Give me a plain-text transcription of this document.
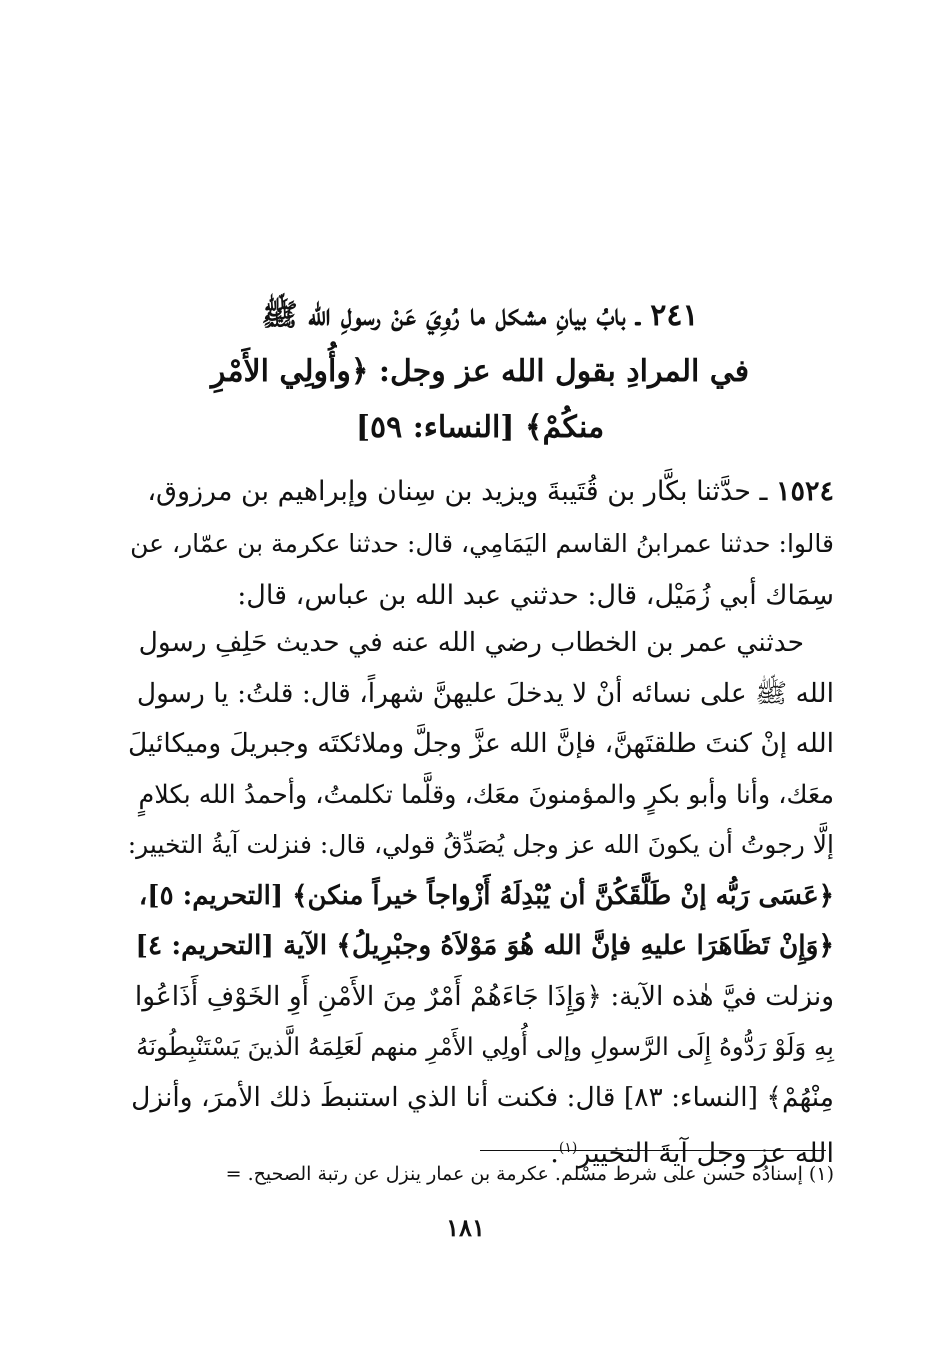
٢٤١ ـ بابُ بيانِ مشكل ما رُوِيَ عَنْ رسولِ الله ﷺ
في المرادِ بقول الله عز وجل: ﴿وأُولِي الأَمْرِ
منكُمْ﴾ [النساء: ٥٩]
١٥٢٤ ـ حدَّثنا بكَّار بن قُتَيبةَ ويزيد بن سِنان وإبراهيم بن مرزوق،
قالوا: حدثنا عمرابنُ القاسم اليَمَامِي، قال: حدثنا عكرمة بن عمّار، عن
سِمَاك أبي زُمَيْل، قال: حدثني عبد الله بن عباس، قال:
حدثني عمر بن الخطاب رضي الله عنه في حديث حَلِفِ رسول
الله ﷺ على نسائه أنْ لا يدخلَ عليهنَّ شهراً، قال: قلتُ: يا رسول
الله إنْ كنتَ طلقتَهنَّ، فإنَّ الله عزَّ وجلَّ وملائكتَه وجبريلَ وميكائيلَ
معَك، وأنا وأبو بكرٍ والمؤمنونَ معَك، وقلَّما تكلمتُ، وأحمدُ الله بكلامٍ
إلَّا رجوتُ أن يكونَ الله عز وجل يُصَدِّقُ قولي، قال: فنزلت آيةُ التخيير:
﴿عَسَى رَبُّه إنْ طَلَّقَكُنَّ أن يُبْدِلَهُ أَزْواجاً خيراً منكن﴾ [التحريم: ٥]،
﴿وَإِنْ تَظَاهَرَا عليهِ فإنَّ الله هُوَ مَوْلاَهُ وجبْرِيلُ﴾ الآية [التحريم: ٤]
ونزلت فيَّ هٰذه الآية: ﴿وَإِذَا جَاءَهُمْ أَمْرٌ مِنَ الأَمْنِ أَوِ الخَوْفِ أَذَاعُوا
بِهِ وَلَوْ رَدُّوهُ إِلَى الرَّسولِ وإلى أُولِي الأَمْرِ منهم لَعَلِمَهُ الَّذينَ يَسْتَنْبِطُونَهُ
مِنْهُمْ﴾ [النساء: ٨٣] قال: فكنت أنا الذي استنبطَ ذلك الأمرَ، وأنزل
الله عز وجل آيةَ التخيير$^{(١)}$.
(١) إسنادُه حسن على شرط مسْلم. عكرمة بن عمار ينزل عن رتبة الصحيح. =
١٨١
